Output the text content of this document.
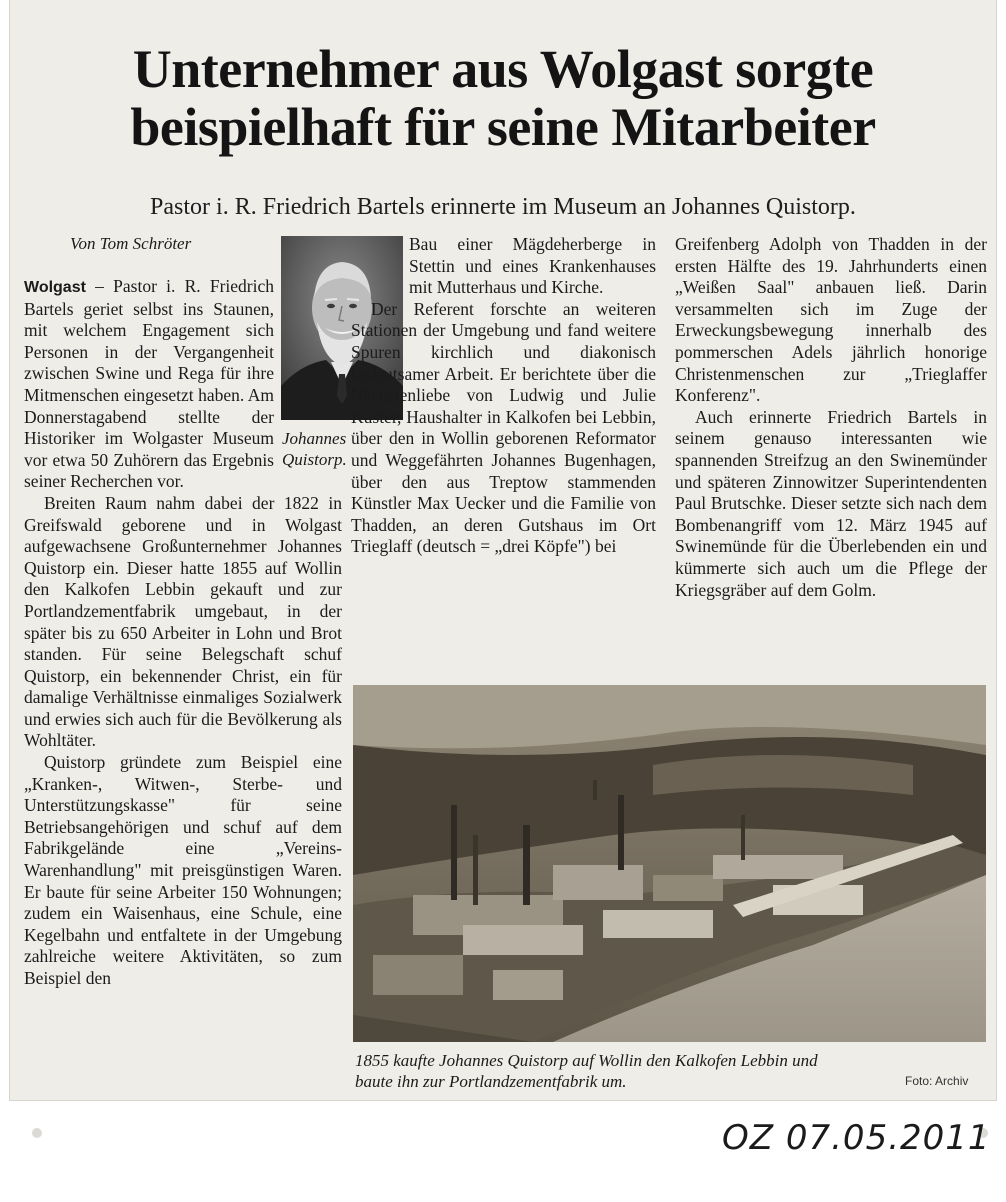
Unternehmer aus Wolgast sorgte
beispielhaft für seine Mitarbeiter
Pastor i. R. Friedrich Bartels erinnerte im Museum an Johannes Quistorp.
Von Tom Schröter
Johannes
Quistorp.

Wolgast – Pastor i. R. Friedrich Bartels geriet selbst ins Staunen, mit welchem Engagement sich Personen in der Vergangenheit zwischen Swine und Rega für ihre Mitmenschen eingesetzt haben. Am Donnerstagabend stellte der Historiker im Wolgaster Museum vor etwa 50 Zuhörern das Ergebnis seiner Recherchen vor.

Breiten Raum nahm dabei der 1822 in Greifswald geborene und in Wolgast aufgewachsene Großunternehmer Johannes Quistorp ein. Dieser hatte 1855 auf Wollin den Kalkofen Lebbin gekauft und zur Portlandzementfabrik umgebaut, in der später bis zu 650 Arbeiter in Lohn und Brot standen. Für seine Belegschaft schuf Quistorp, ein bekennender Christ, ein für damalige Verhältnisse einmaliges Sozialwerk und erwies sich auch für die Bevölkerung als Wohltäter.

Quistorp gründete zum Beispiel eine „Kranken-, Witwen-, Sterbe- und Unterstützungskasse" für seine Betriebsangehörigen und schuf auf dem Fabrikgelände eine „Vereins-Warenhandlung" mit preisgünstigen Waren. Er baute für seine Arbeiter 150 Wohnungen; zudem ein Waisenhaus, eine Schule, eine Kegelbahn und entfaltete in der Umgebung zahlreiche weitere Aktivitäten, so zum Beispiel den

Bau einer Mägdeherberge in Stettin und eines Krankenhauses mit Mutterhaus und Kirche.

Der Referent forschte an weiteren Stationen der Umgebung und fand weitere Spuren kirchlich und diakonisch bedeutsamer Arbeit. Er berichtete über die Nächstenliebe von Ludwig und Julie Küster, Haushalter in Kalkofen bei Lebbin, über den in Wollin geborenen Reformator und Weggefährten Johannes Bugenhagen, über den aus Treptow stammenden Künstler Max Uecker und die Familie von Thadden, an deren Gutshaus im Ort Trieglaff (deutsch = „drei Köpfe") bei

Greifenberg Adolph von Thadden in der ersten Hälfte des 19. Jahrhunderts einen „Weißen Saal" anbauen ließ. Darin versammelten sich im Zuge der Erweckungsbewegung innerhalb des pommerschen Adels jährlich honorige Christenmenschen zur „Trieglaffer Konferenz".

Auch erinnerte Friedrich Bartels in seinem genauso interessanten wie spannenden Streifzug an den Swinemünder und späteren Zinnowitzer Superintendenten Paul Brutschke. Dieser setzte sich nach dem Bombenangriff vom 12. März 1945 auf Swinemünde für die Überlebenden ein und kümmerte sich auch um die Pflege der Kriegsgräber auf dem Golm.

1855 kaufte Johannes Quistorp auf Wollin den Kalkofen Lebbin und
baute ihn zur Portlandzementfabrik um.	Foto: Archiv
OZ 07.05.2011
